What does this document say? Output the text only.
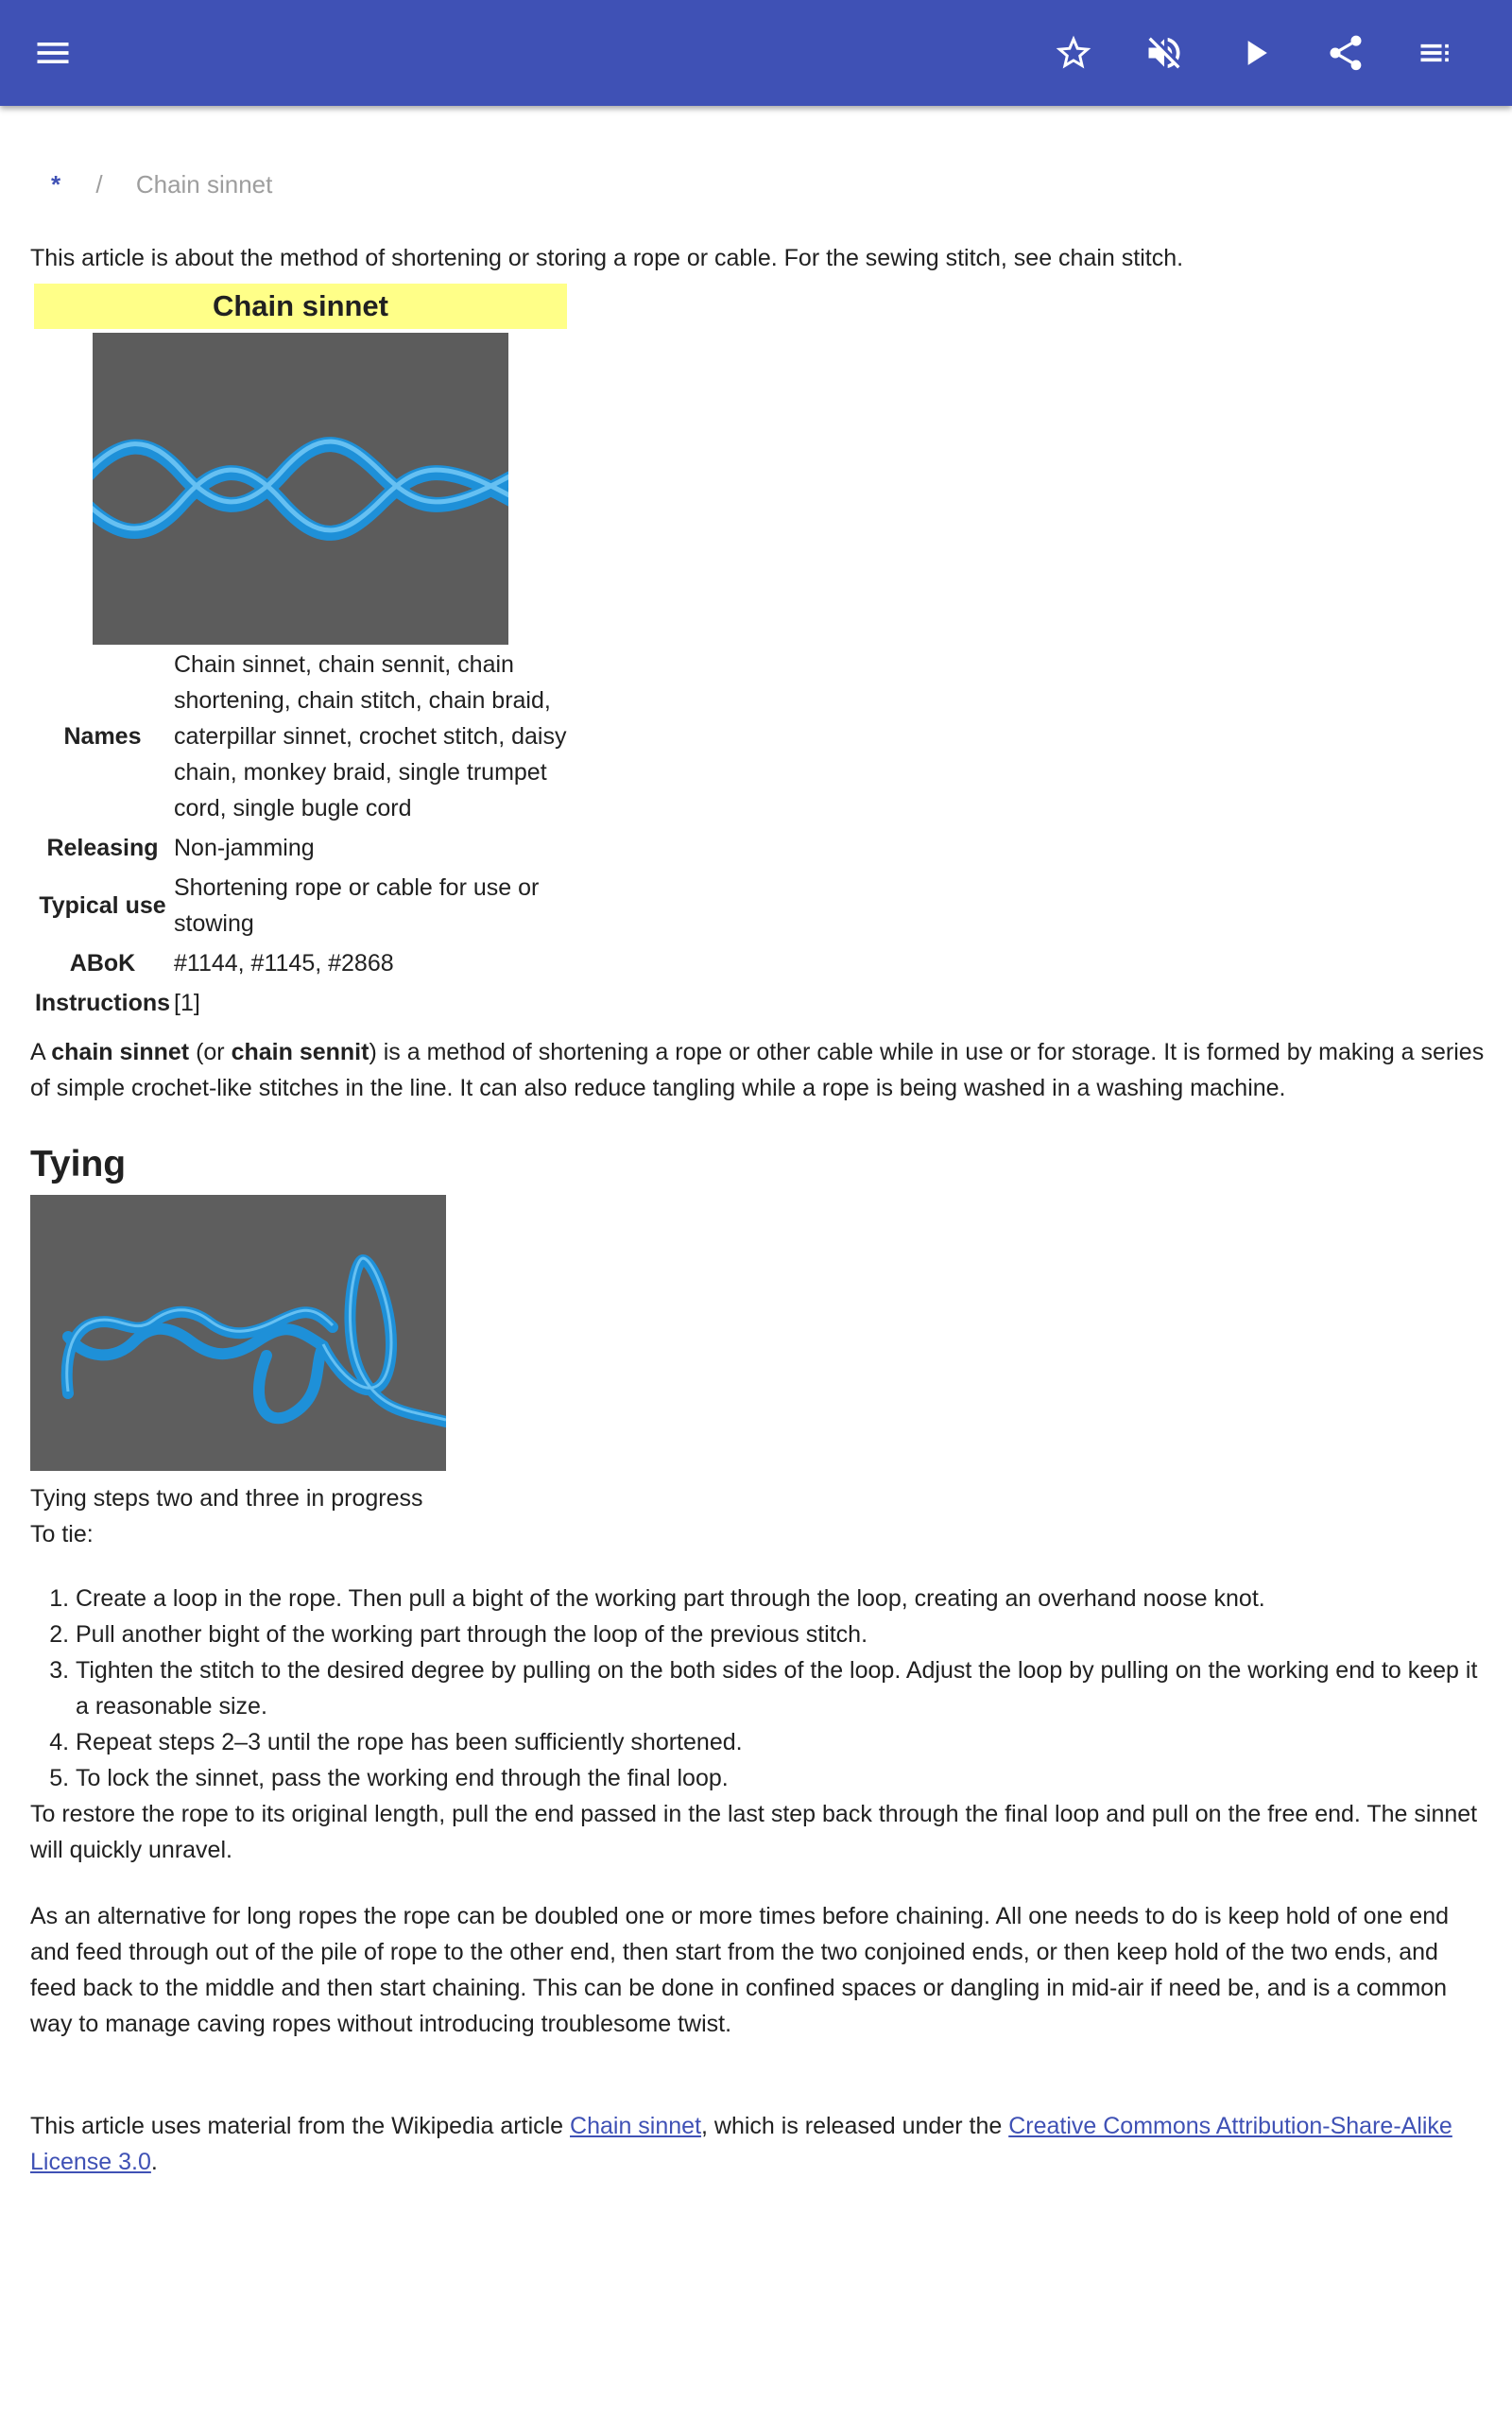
* / Chain sinnet

This article is about the method of shortening or storing a rope or cable. For the sewing stitch, see chain stitch.

Chain sinnet
Names
Chain sinnet, chain sennit, chain shortening, chain stitch, chain braid, caterpillar sinnet, crochet stitch, daisy chain, monkey braid, single trumpet cord, single bugle cord
Releasing Non-jamming
Typical use
Shortening rope or cable for use or stowing
ABoK	#1144, #1145, #2868
Instructions [1]

A chain sinnet (or chain sennit) is a method of shortening a rope or other cable while in use or for storage. It is formed by making a series of simple crochet-like stitches in the line. It can also reduce tangling while a rope is being washed in a washing machine.

Tying

Tying steps two and three in progress

To tie:

1. Create a loop in the rope. Then pull a bight of the working part through the loop, creating an overhand noose knot.
2. Pull another bight of the working part through the loop of the previous stitch.
3. Tighten the stitch to the desired degree by pulling on the both sides of the loop. Adjust the loop by pulling on the working end to keep it a reasonable size.
4. Repeat steps 2–3 until the rope has been sufficiently shortened.
5. To lock the sinnet, pass the working end through the final loop.

To restore the rope to its original length, pull the end passed in the last step back through the final loop and pull on the free end. The sinnet will quickly unravel.

As an alternative for long ropes the rope can be doubled one or more times before chaining. All one needs to do is keep hold of one end and feed through out of the pile of rope to the other end, then start from the two conjoined ends, or then keep hold of the two ends, and feed back to the middle and then start chaining. This can be done in confined spaces or dangling in mid-air if need be, and is a common way to manage caving ropes without introducing troublesome twist.

This article uses material from the Wikipedia article Chain sinnet, which is released under the Creative Commons Attribution-Share-Alike License 3.0.
